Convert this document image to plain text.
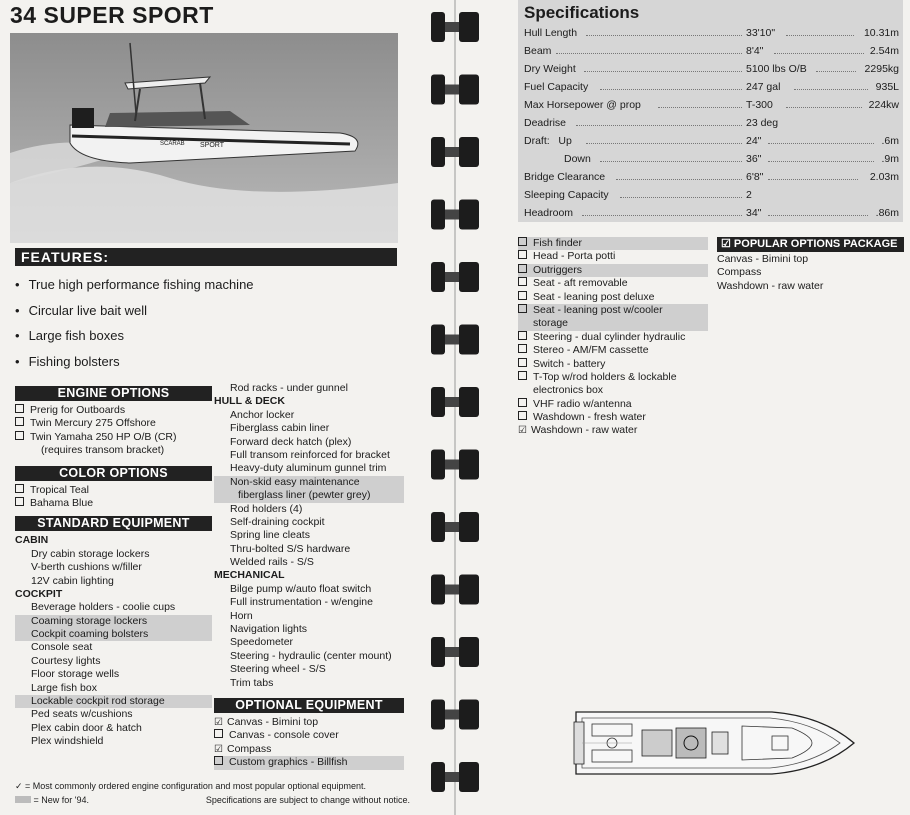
34 SUPER SPORT
SCARAB SPORT
FEATURES:
• True high performance fishing machine
• Circular live bait well
• Large fish boxes
• Fishing bolsters
ENGINE OPTIONS
Prerig for Outboards
Twin Mercury 275 Offshore
Twin Yamaha 250 HP O/B (CR)
(requires transom bracket)
COLOR OPTIONS
Tropical Teal
Bahama Blue
STANDARD EQUIPMENT
CABIN
Dry cabin storage lockers
V-berth cushions w/filler
12V cabin lighting
COCKPIT
Beverage holders - coolie cups
Coaming storage lockers
Cockpit coaming bolsters
Console seat
Courtesy lights
Floor storage wells
Large fish box
Lockable cockpit rod storage
Ped seats w/cushions
Plex cabin door & hatch
Plex windshield
Rod racks - under gunnel
HULL & DECK
Anchor locker
Fiberglass cabin liner
Forward deck hatch (plex)
Full transom reinforced for bracket
Heavy-duty aluminum gunnel trim
Non-skid easy maintenance
fiberglass liner (pewter grey)
Rod holders (4)
Self-draining cockpit
Spring line cleats
Thru-bolted S/S hardware
Welded rails - S/S
MECHANICAL
Bilge pump w/auto float switch
Full instrumentation - w/engine
Horn
Navigation lights
Speedometer
Steering - hydraulic (center mount)
Steering wheel - S/S
Trim tabs
OPTIONAL EQUIPMENT
☑ Canvas - Bimini top
Canvas - console cover
☑ Compass
Custom graphics - Billfish
✓ = Most commonly ordered engine configuration and most popular optional equipment.
= New for '94.	Specifications are subject to change without notice.
Specifications
Hull Length	33'10"	10.31m
Beam	8'4"	2.54m
Dry Weight	5100 lbs O/B	2295kg
Fuel Capacity	247 gal	935L
Max Horsepower @ prop	T-300	224kw
Deadrise	23 deg
Draft:   Up	24"	.6m
Down	36"	.9m
Bridge Clearance	6'8"	2.03m
Sleeping Capacity	2
Headroom	34"	.86m
Fish finder
Head - Porta potti
Outriggers
Seat - aft removable
Seat - leaning post deluxe
Seat - leaning post w/cooler
storage
Steering - dual cylinder hydraulic
Stereo - AM/FM cassette
Switch - battery
T-Top w/rod holders & lockable
electronics box
VHF radio w/antenna
Washdown - fresh water
☑ Washdown - raw water
☑ POPULAR OPTIONS PACKAGE
Canvas - Bimini top
Compass
Washdown - raw water
